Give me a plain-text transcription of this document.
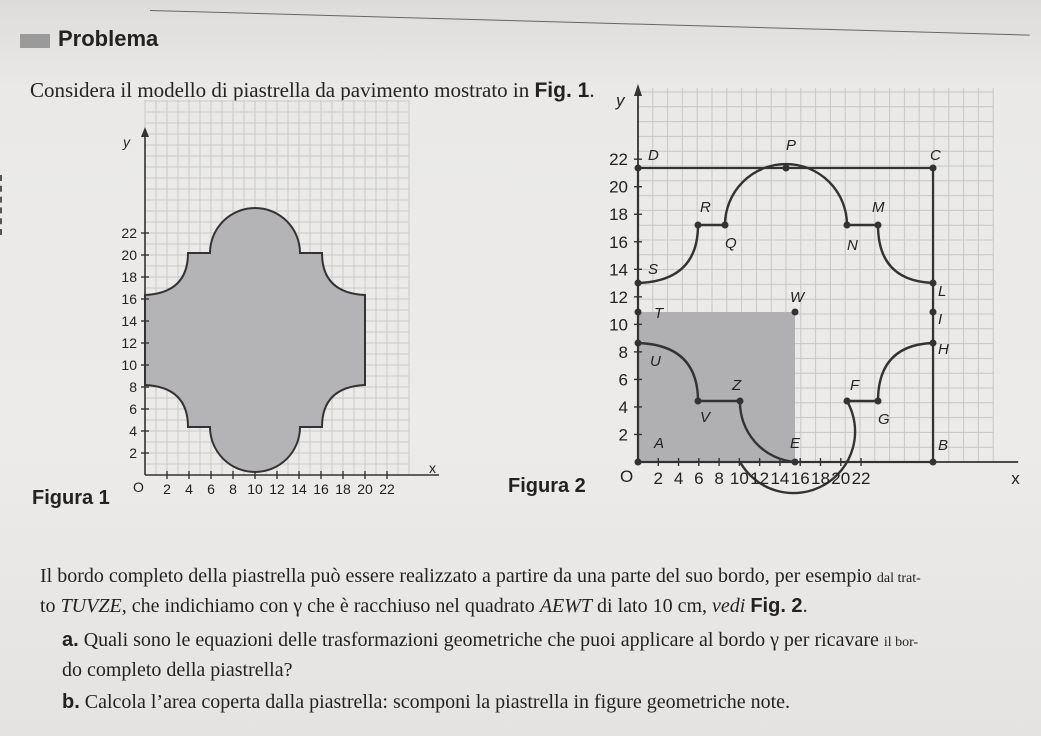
Problema
Considera il modello di piastrella da pavimento mostrato in Fig. 1.
2 4 6 8 10 12 14 16 18 20 22
2
4
6
8
10
12
14
16
18
20
22
O
x
y
Figura 1
D
P
C
R	M
Q	N
S
L
W
T	I
H
U
Z	F
V	G
A	E	B
2 4 6 8 10 12 14 16 18 20 22
2
4
6
8
10
12
14
16
18
20
22
O	x
y
Figura 2
Il bordo completo della piastrella può essere realizzato a partire da una parte del suo bordo, per esempio dal trat-
to TUVZE, che indichiamo con γ che è racchiuso nel quadrato AEWT di lato 10 cm, vedi Fig. 2.
a. Quali sono le equazioni delle trasformazioni geometriche che puoi applicare al bordo γ per ricavare il bor-
do completo della piastrella?
b. Calcola l’area coperta dalla piastrella: scomponi la piastrella in figure geometriche note.
